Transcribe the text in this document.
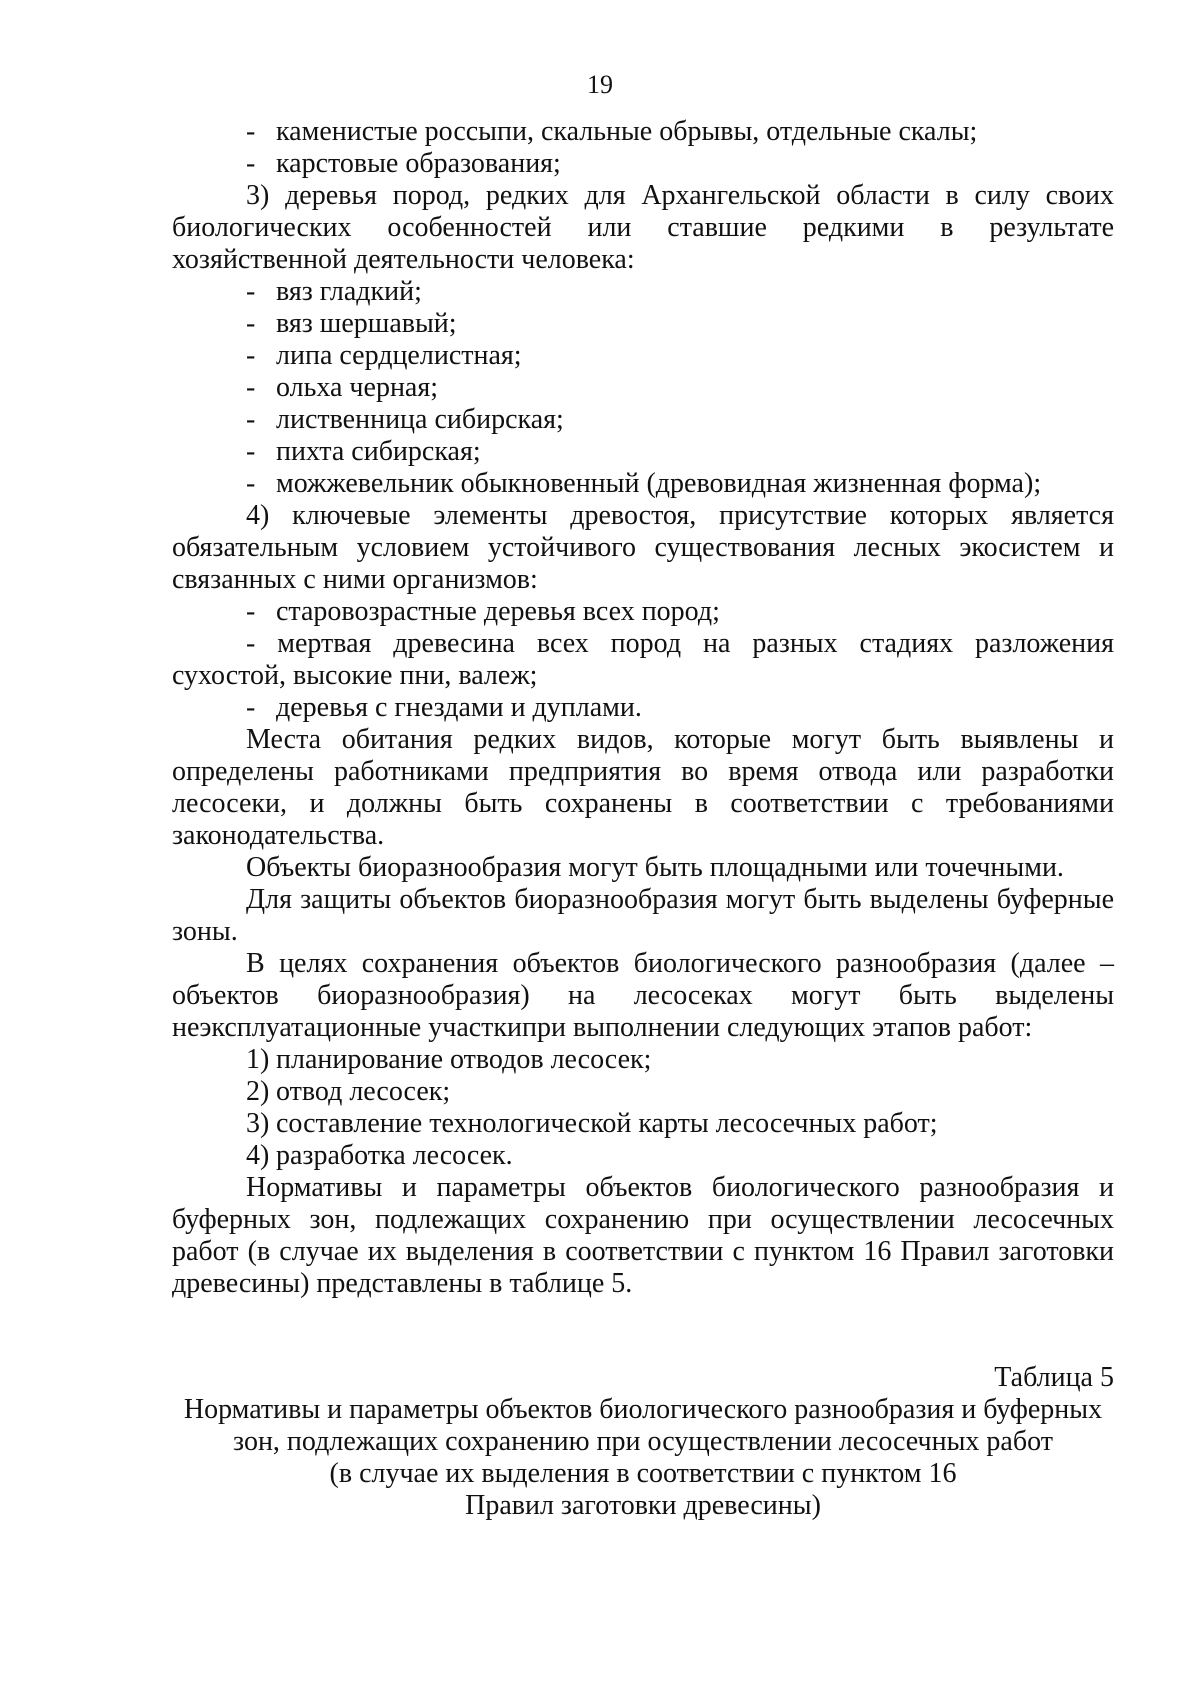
19

- каменистые россыпи, скальные обрывы, отдельные скалы;

- карстовые образования;

3) деревья пород, редких для Архангельской области в силу своих биологических особенностей или ставшие редкими в результате хозяйственной деятельности человека:

- вяз гладкий;

- вяз шершавый;

- липа сердцелистная;

- ольха черная;

- лиственница сибирская;

- пихта сибирская;

- можжевельник обыкновенный (древовидная жизненная форма);

4) ключевые элементы древостоя, присутствие которых является обязательным условием устойчивого существования лесных экосистем и связанных с ними организмов:

- старовозрастные деревья всех пород;

- мертвая древесина всех пород на разных стадиях разложения сухостой, высокие пни, валеж;

- деревья с гнездами и дуплами.

Места обитания редких видов, которые могут быть выявлены и определены работниками предприятия во время отвода или разработки лесосеки, и должны быть сохранены в соответствии с требованиями законодательства.

Объекты биоразнообразия могут быть площадными или точечными.

Для защиты объектов биоразнообразия могут быть выделены буферные зоны.

В целях сохранения объектов биологического разнообразия (далее – объектов биоразнообразия) на лесосеках могут быть выделены неэксплуатационные участкипри выполнении следующих этапов работ:

1) планирование отводов лесосек;

2) отвод лесосек;

3) составление технологической карты лесосечных работ;

4) разработка лесосек.

Нормативы и параметры объектов биологического разнообразия и буферных зон, подлежащих сохранению при осуществлении лесосечных работ (в случае их выделения в соответствии с пунктом 16 Правил заготовки древесины) представлены в таблице 5.

Таблица 5

Нормативы и параметры объектов биологического разнообразия и буферных

зон, подлежащих сохранению при осуществлении лесосечных работ

(в случае их выделения в соответствии с пунктом 16

Правил заготовки древесины)
